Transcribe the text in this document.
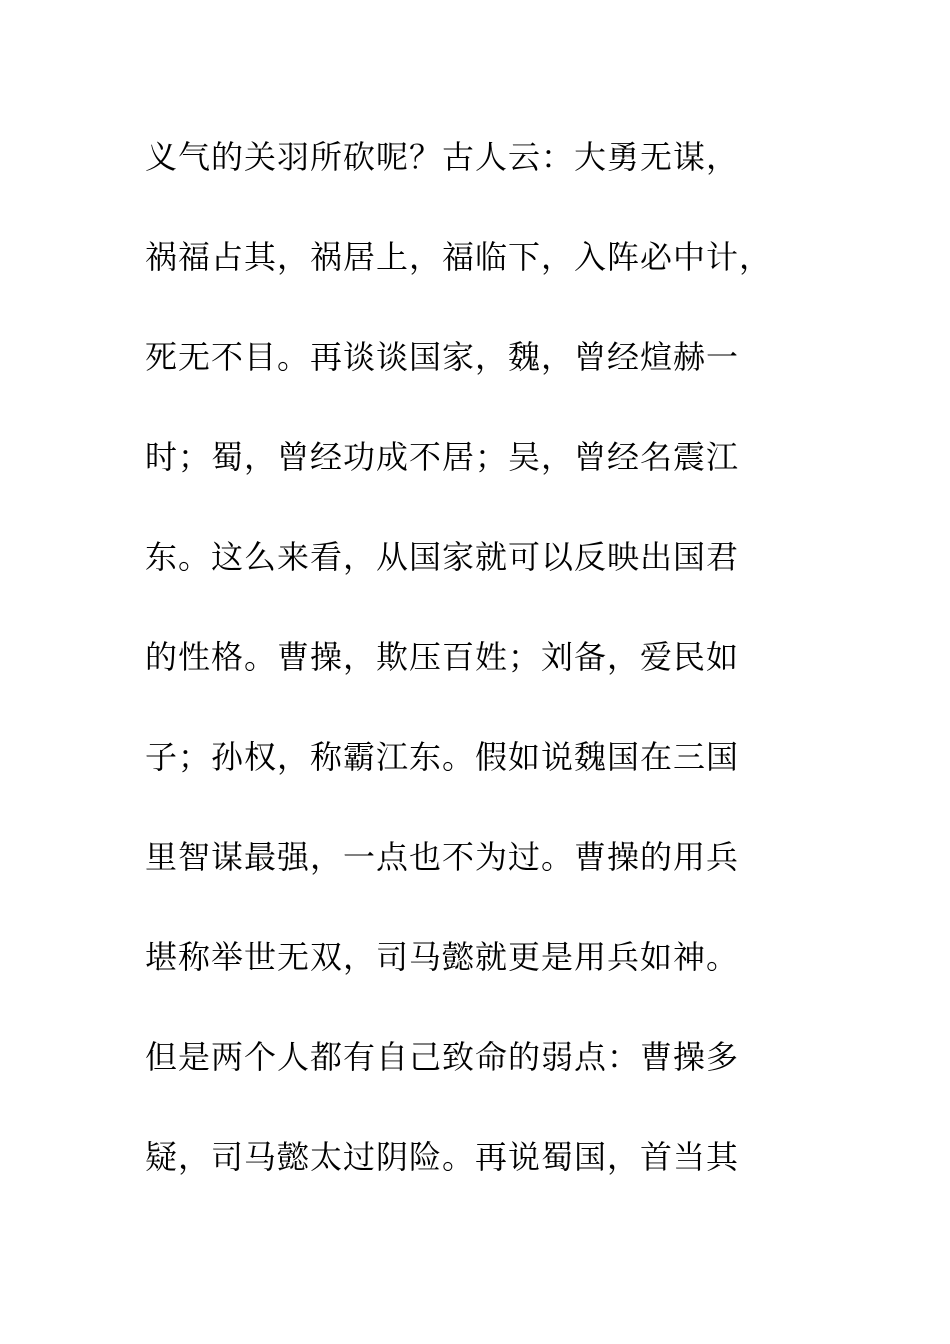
义气的关羽所砍呢？古人云：大勇无谋，
祸福占其，祸居上，福临下，入阵必中计，
死无不目。再谈谈国家，魏，曾经煊赫一
时；蜀，曾经功成不居；吴，曾经名震江
东。这么来看，从国家就可以反映出国君
的性格。曹操，欺压百姓；刘备，爱民如
子；孙权，称霸江东。假如说魏国在三国
里智谋最强，一点也不为过。曹操的用兵
堪称举世无双，司马懿就更是用兵如神。
但是两个人都有自己致命的弱点：曹操多
疑，司马懿太过阴险。再说蜀国，首当其
